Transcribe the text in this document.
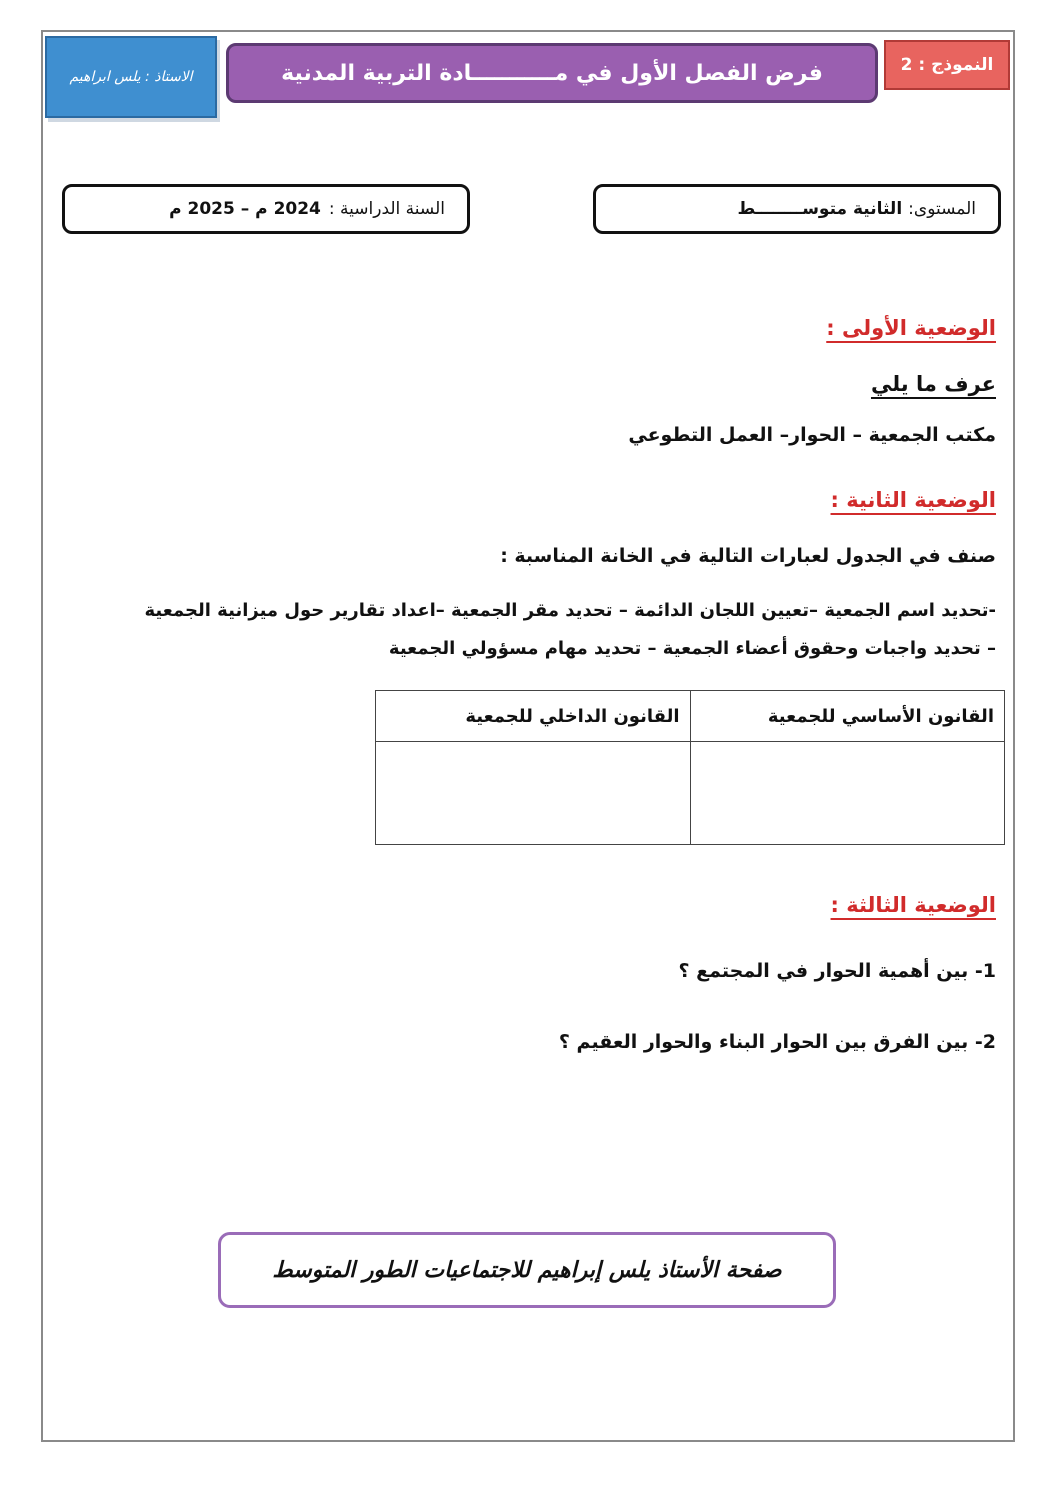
النموذج : 2
فرض الفصل الأول في مـــــــــــادة التربية المدنية
الاستاذ : يلس ابراهيم
المستوى:
الثانية متوســــــــط
السنة الدراسية :
2024 م – 2025 م
الوضعية الأولى :
عرف ما يلي
مكتب الجمعية – الحوار– العمل التطوعي
الوضعية الثانية :
صنف في الجدول لعبارات التالية في الخانة المناسبة :
-تحديد اسم الجمعية –تعيين اللجان الدائمة – تحديد مقر الجمعية –اعداد تقارير حول ميزانية الجمعية
– تحديد واجبات وحقوق أعضاء الجمعية – تحديد مهام مسؤولي الجمعية
القانون الأساسي للجمعية	القانون الداخلي للجمعية

الوضعية الثالثة :
1- بين أهمية الحوار في المجتمع ؟
2- بين الفرق بين الحوار البناء والحوار العقيم ؟
صفحة الأستاذ يلس إبراهيم للاجتماعيات الطور المتوسط
